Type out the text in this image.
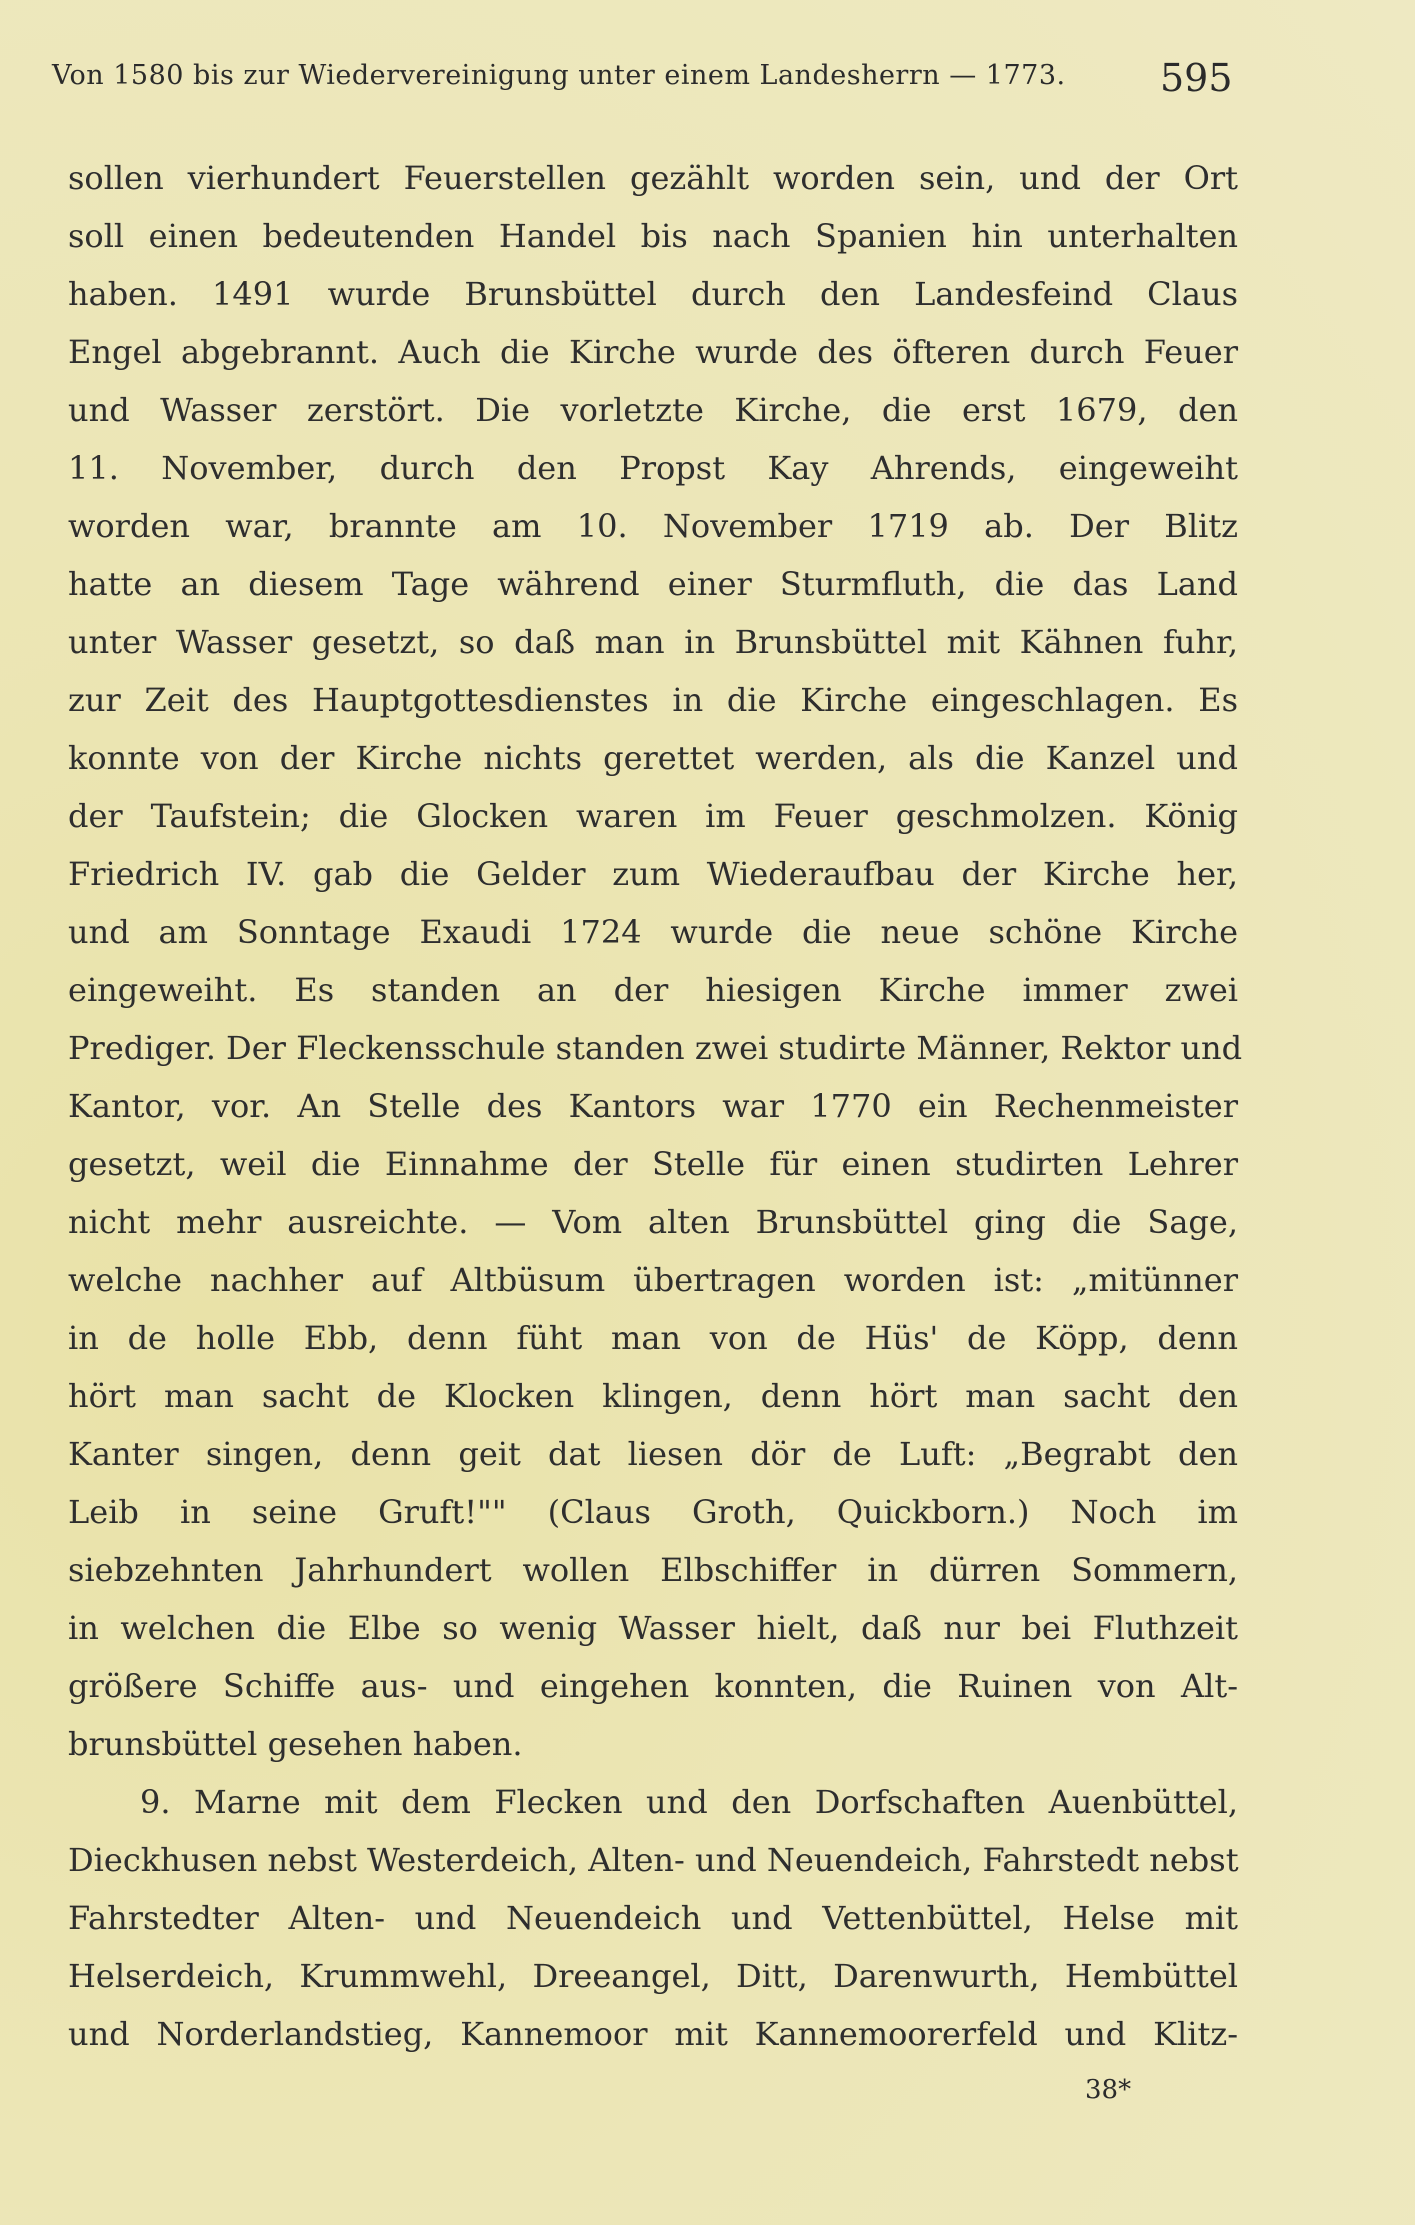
Von 1580 bis zur Wiedervereinigung unter einem Landesherrn — 1773.	595
sollen vierhundert Feuerstellen gezählt worden sein, und der Ort
soll einen bedeutenden Handel bis nach Spanien hin unterhalten
haben. 1491 wurde Brunsbüttel durch den Landesfeind Claus
Engel abgebrannt. Auch die Kirche wurde des öfteren durch Feuer
und Wasser zerstört. Die vorletzte Kirche, die erst 1679, den
11. November, durch den Propst Kay Ahrends, eingeweiht
worden war, brannte am 10. November 1719 ab. Der Blitz
hatte an diesem Tage während einer Sturmfluth, die das Land
unter Wasser gesetzt, so daß man in Brunsbüttel mit Kähnen fuhr,
zur Zeit des Hauptgottesdienstes in die Kirche eingeschlagen. Es
konnte von der Kirche nichts gerettet werden, als die Kanzel und
der Taufstein; die Glocken waren im Feuer geschmolzen. König
Friedrich IV. gab die Gelder zum Wiederaufbau der Kirche her,
und am Sonntage Exaudi 1724 wurde die neue schöne Kirche
eingeweiht. Es standen an der hiesigen Kirche immer zwei
Prediger. Der Fleckensschule standen zwei studirte Männer, Rektor und
Kantor, vor. An Stelle des Kantors war 1770 ein Rechenmeister
gesetzt, weil die Einnahme der Stelle für einen studirten Lehrer
nicht mehr ausreichte. — Vom alten Brunsbüttel ging die Sage,
welche nachher auf Altbüsum übertragen worden ist: „mitünner
in de holle Ebb, denn füht man von de Hüs' de Köpp, denn
hört man sacht de Klocken klingen, denn hört man sacht den
Kanter singen, denn geit dat liesen dör de Luft: „Begrabt den
Leib in seine Gruft!"" (Claus Groth, Quickborn.) Noch im
siebzehnten Jahrhundert wollen Elbschiffer in dürren Sommern,
in welchen die Elbe so wenig Wasser hielt, daß nur bei Fluthzeit
größere Schiffe aus- und eingehen konnten, die Ruinen von Alt-
brunsbüttel gesehen haben.
9. Marne mit dem Flecken und den Dorfschaften Auenbüttel,
Dieckhusen nebst Westerdeich, Alten- und Neuendeich, Fahrstedt nebst
Fahrstedter Alten- und Neuendeich und Vettenbüttel, Helse mit
Helserdeich, Krummwehl, Dreeangel, Ditt, Darenwurth, Hembüttel
und Norderlandstieg, Kannemoor mit Kannemoorerfeld und Klitz-
38*
